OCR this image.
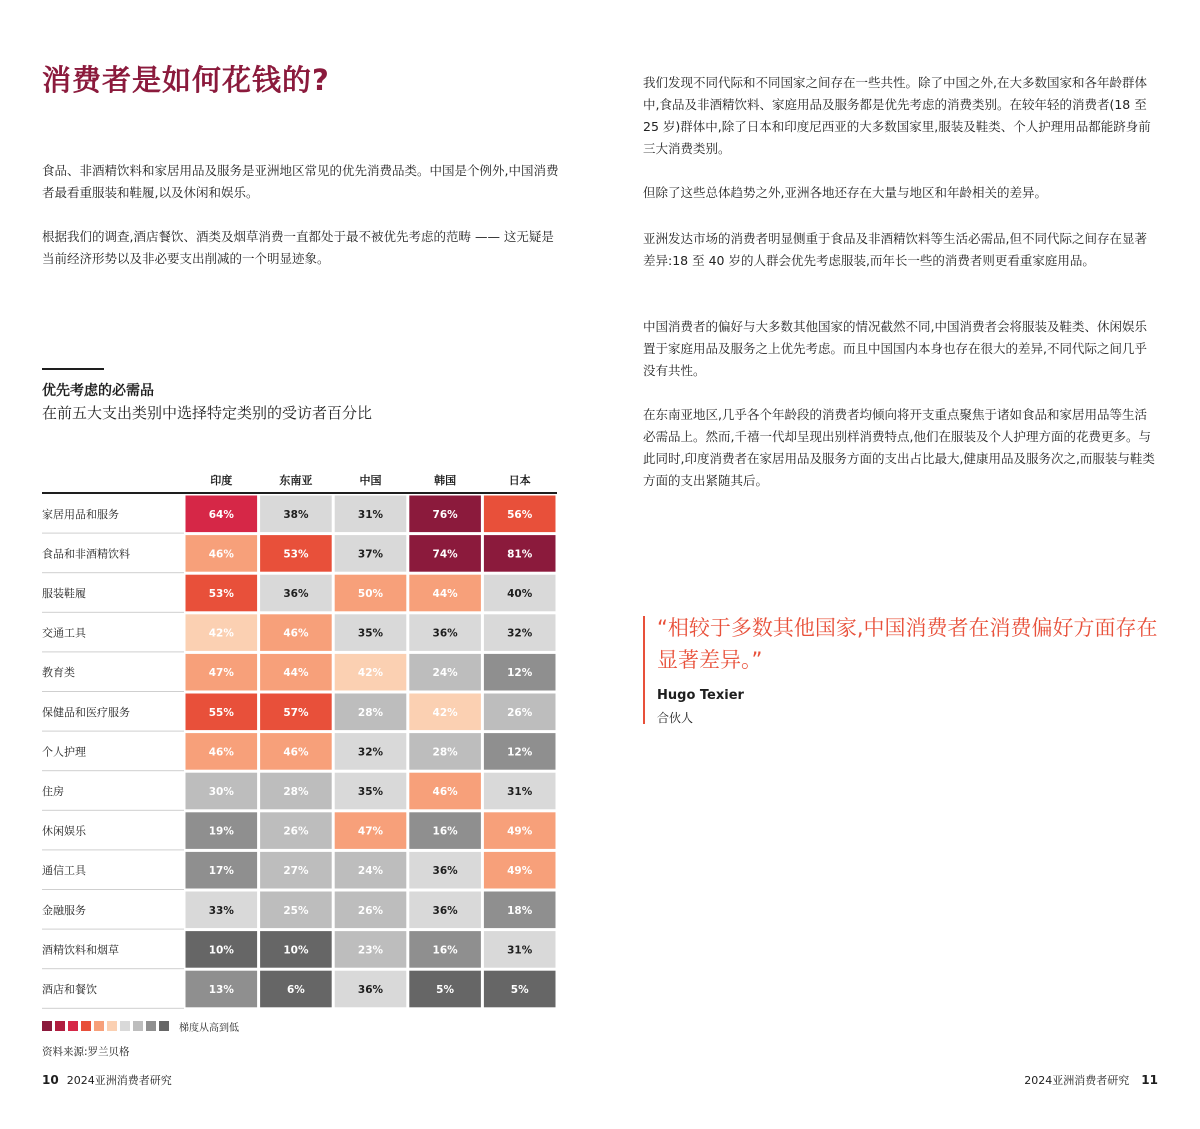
消费者是如何花钱的?

食品、非酒精饮料和家居用品及服务是亚洲地区常见的优先消费品类。中国是个例外,中国消费者最看重服装和鞋履,以及休闲和娱乐。

根据我们的调查,酒店餐饮、酒类及烟草消费一直都处于最不被优先考虑的范畴 —— 这无疑是当前经济形势以及非必要支出削减的一个明显迹象。

优先考虑的必需品
在前五大支出类别中选择特定类别的受访者百分比
印度	东南亚	中国	韩国	日本
家居用品和服务	64%	38%	31%	76%	56%
食品和非酒精饮料	46%	53%	37%	74%	81%
服装鞋履	53%	36%	50%	44%	40%
交通工具	42%	46%	35%	36%	32%
教育类	47%	44%	42%	24%	12%
保健品和医疗服务	55%	57%	28%	42%	26%
个人护理	46%	46%	32%	28%	12%
住房	30%	28%	35%	46%	31%
休闲娱乐	19%	26%	47%	16%	49%
通信工具	17%	27%	24%	36%	49%
金融服务	33%	25%	26%	36%	18%
酒精饮料和烟草	10%	10%	23%	16%	31%
酒店和餐饮	13%	6%	36%	5%	5%
梯度从高到低
资料来源:罗兰贝格
10 2024亚洲消费者研究

我们发现不同代际和不同国家之间存在一些共性。除了中国之外,在大多数国家和各年龄群体中,食品及非酒精饮料、家庭用品及服务都是优先考虑的消费类别。在较年轻的消费者(18 至 25 岁)群体中,除了日本和印度尼西亚的大多数国家里,服装及鞋类、个人护理用品都能跻身前三大消费类别。

但除了这些总体趋势之外,亚洲各地还存在大量与地区和年龄相关的差异。

亚洲发达市场的消费者明显侧重于食品及非酒精饮料等生活必需品,但不同代际之间存在显著差异:18 至 40 岁的人群会优先考虑服装,而年长一些的消费者则更看重家庭用品。

中国消费者的偏好与大多数其他国家的情况截然不同,中国消费者会将服装及鞋类、休闲娱乐置于家庭用品及服务之上优先考虑。而且中国国内本身也存在很大的差异,不同代际之间几乎没有共性。

在东南亚地区,几乎各个年龄段的消费者均倾向将开支重点聚焦于诸如食品和家居用品等生活必需品上。然而,千禧一代却呈现出别样消费特点,他们在服装及个人护理方面的花费更多。与此同时,印度消费者在家居用品及服务方面的支出占比最大,健康用品及服务次之,而服装与鞋类方面的支出紧随其后。

“相较于多数其他国家,中国消费者在消费偏好方面存在显著差异。”
Hugo Texier
合伙人
2024亚洲消费者研究 11
